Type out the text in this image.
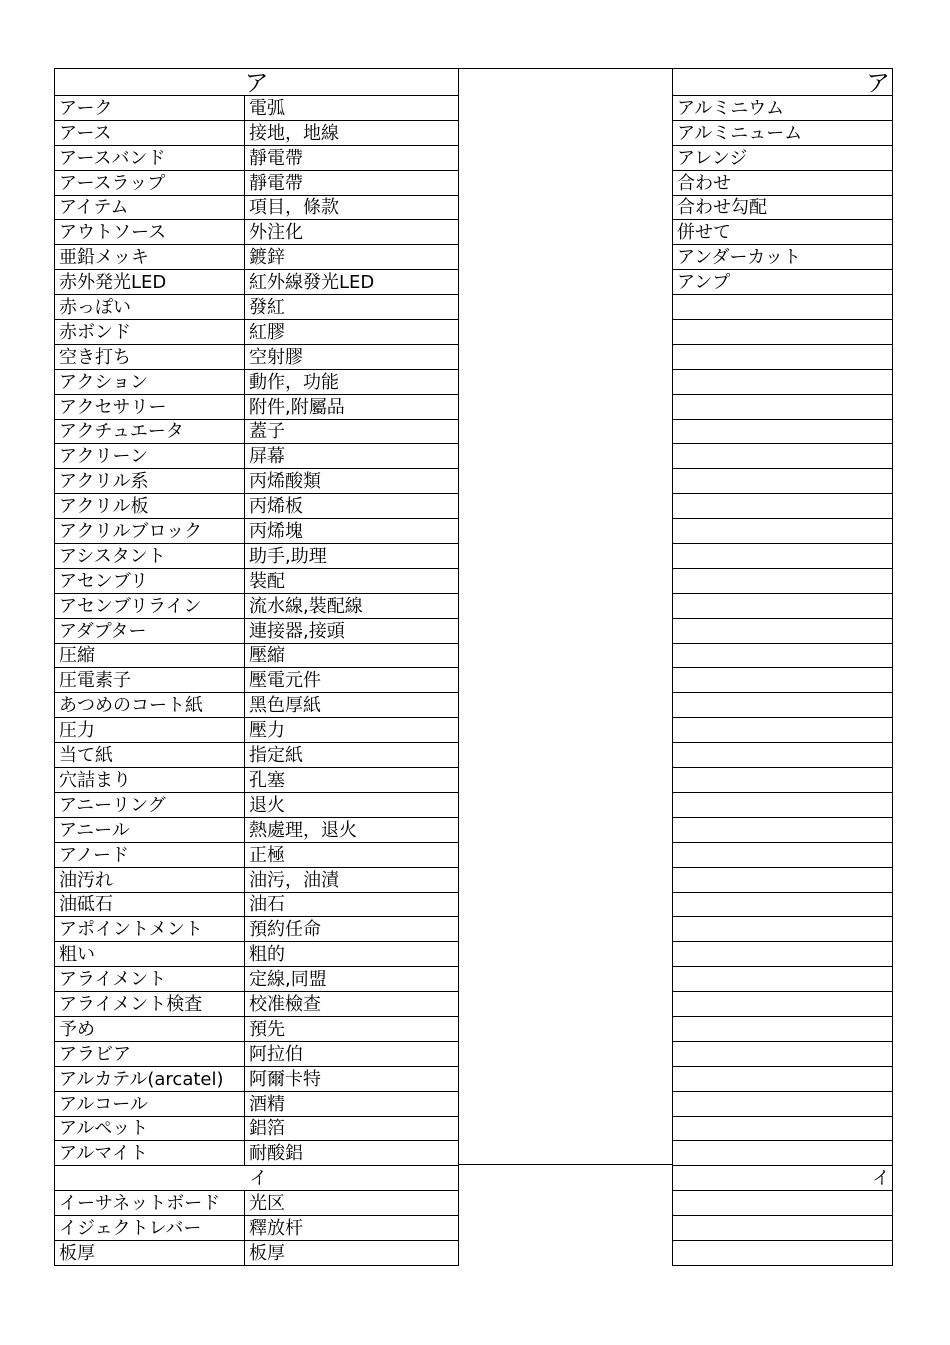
ア	
アーク	電弧
アース	接地，地線
アースバンド	靜電帶
アースラップ	靜電帶
アイテム	項目，條款
アウトソース	外注化
亜鉛メッキ	鍍鋅
赤外発光LED	紅外線發光LED
赤っぽい	發紅
赤ボンド	紅膠
空き打ち	空射膠
アクション	動作，功能
アクセサリー	附件,附屬品
アクチュエータ	蓋子
アクリーン	屏幕
アクリル系	丙烯酸類
アクリル板	丙烯板
アクリルブロック	丙烯塊
アシスタント	助手,助理
アセンブリ	裝配
アセンブリライン	流水線,裝配線
アダプター	連接器,接頭
圧縮	壓縮
圧電素子	壓電元件
あつめのコート紙	黑色厚紙
圧力	壓力
当て紙	指定紙
穴詰まり	孔塞
アニーリング	退火
アニール	熱處理，退火
アノード	正極
油汚れ	油污，油漬
油砥石	油石
アポイントメント	預約任命
粗い	粗的
アライメント	定線,同盟
アライメント検査	校准檢查
予め	預先
アラビア	阿拉伯
アルカテル(arcatel)	阿爾卡特
アルコール	酒精
アルペット	鋁箔
アルマイト	耐酸鋁
イ	
イーサネットボード	光区
イジェクトレバー	釋放杆
板厚	板厚
ア
アルミニウム
アルミニューム
アレンジ
合わせ
合わせ勾配
併せて
アンダーカット
アンプ

イ
